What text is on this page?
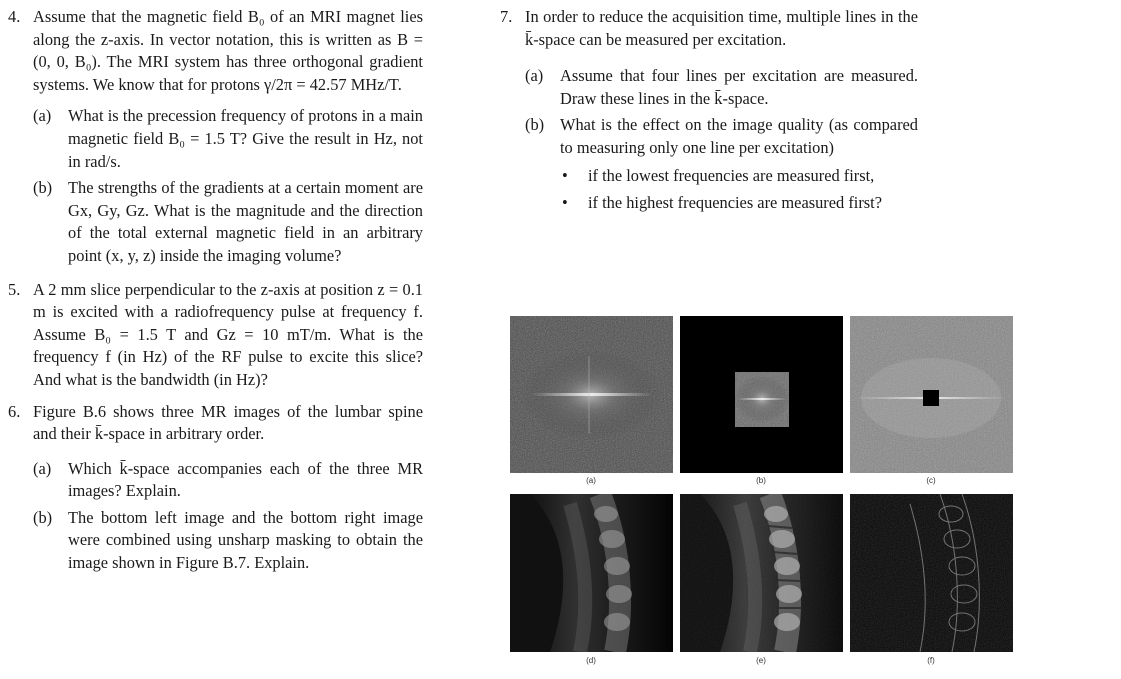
4. Assume that the magnetic field B₀ of an MRI magnet lies along the z-axis. In vector notation, this is written as B = (0, 0, B₀). The MRI system has three orthogonal gradient systems. We know that for protons γ/2π = 42.57 MHz/T.

(a) What is the precession frequency of protons in a main magnetic field B₀ = 1.5 T? Give the result in Hz, not in rad/s.

(b) The strengths of the gradients at a certain moment are Gx, Gy, Gz. What is the magnitude and the direction of the total external magnetic field in an arbitrary point (x, y, z) inside the imaging volume?

5. A 2 mm slice perpendicular to the z-axis at position z = 0.1 m is excited with a radiofrequency pulse at frequency f. Assume B₀ = 1.5 T and Gz = 10 mT/m. What is the frequency f (in Hz) of the RF pulse to excite this slice? And what is the bandwidth (in Hz)?

6. Figure B.6 shows three MR images of the lumbar spine and their k̄-space in arbitrary order.

(a) Which k̄-space accompanies each of the three MR images? Explain.

(b) The bottom left image and the bottom right image were combined using unsharp masking to obtain the image shown in Figure B.7. Explain.

7. In order to reduce the acquisition time, multiple lines in the k̄-space can be measured per excitation.

(a) Assume that four lines per excitation are measured. Draw these lines in the k̄-space.

(b) What is the effect on the image quality (as compared to measuring only one line per excitation)

• if the lowest frequencies are measured first,
• if the highest frequencies are measured first?
(a)	(b)	(c)
(d)	(e)	(f)
